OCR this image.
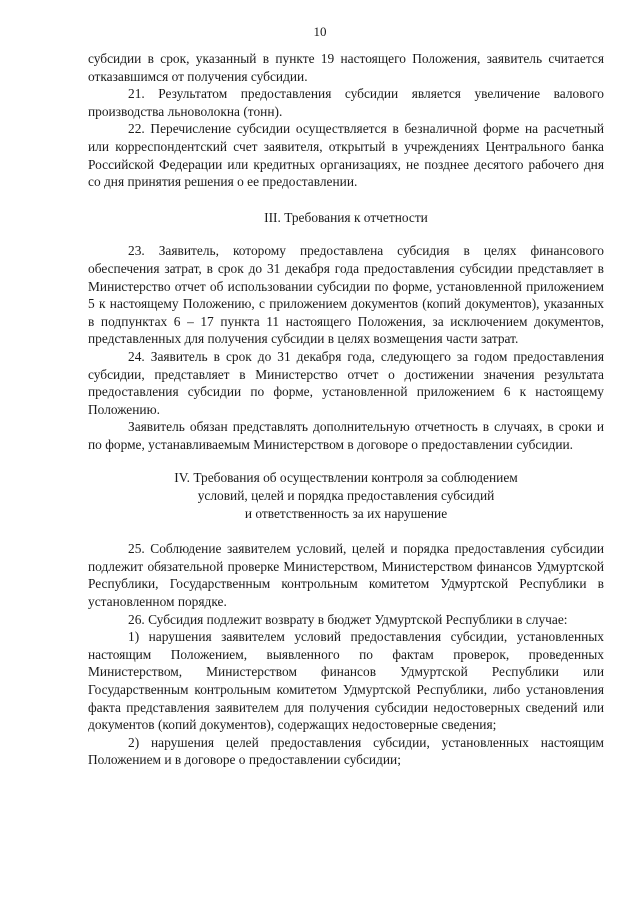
10

субсидии в срок, указанный в пункте 19 настоящего Положения, заявитель считается отказавшимся от получения субсидии.

21. Результатом предоставления субсидии является увеличение валового производства льноволокна (тонн).

22. Перечисление субсидии осуществляется в безналичной форме на расчетный или корреспондентский счет заявителя, открытый в учреждениях Центрального банка Российской Федерации или кредитных организациях, не позднее десятого рабочего дня со дня принятия решения о ее предоставлении.

III. Требования к отчетности

23. Заявитель, которому предоставлена субсидия в целях финансового обеспечения затрат, в срок до 31 декабря года предоставления субсидии представляет в Министерство отчет об использовании субсидии по форме, установленной приложением 5 к настоящему Положению, с приложением документов (копий документов), указанных в подпунктах 6 – 17 пункта 11 настоящего Положения, за исключением документов, представленных для получения субсидии в целях возмещения части затрат.

24. Заявитель в срок до 31 декабря года, следующего за годом предоставления субсидии, представляет в Министерство отчет о достижении значения результата предоставления субсидии по форме, установленной приложением 6 к настоящему Положению.

Заявитель обязан представлять дополнительную отчетность в случаях, в сроки и по форме, устанавливаемым Министерством в договоре о предоставлении субсидии.

IV. Требования об осуществлении контроля за соблюдением
условий, целей и порядка предоставления субсидий
и ответственность за их нарушение

25. Соблюдение заявителем условий, целей и порядка предоставления субсидии подлежит обязательной проверке Министерством, Министерством финансов Удмуртской Республики, Государственным контрольным комитетом Удмуртской Республики в установленном порядке.

26. Субсидия подлежит возврату в бюджет Удмуртской Республики в случае:

1) нарушения заявителем условий предоставления субсидии, установленных настоящим Положением, выявленного по фактам проверок, проведенных Министерством, Министерством финансов Удмуртской Республики или Государственным контрольным комитетом Удмуртской Республики, либо установления факта представления заявителем для получения субсидии недостоверных сведений или документов (копий документов), содержащих недостоверные сведения;

2) нарушения целей предоставления субсидии, установленных настоящим Положением и в договоре о предоставлении субсидии;
